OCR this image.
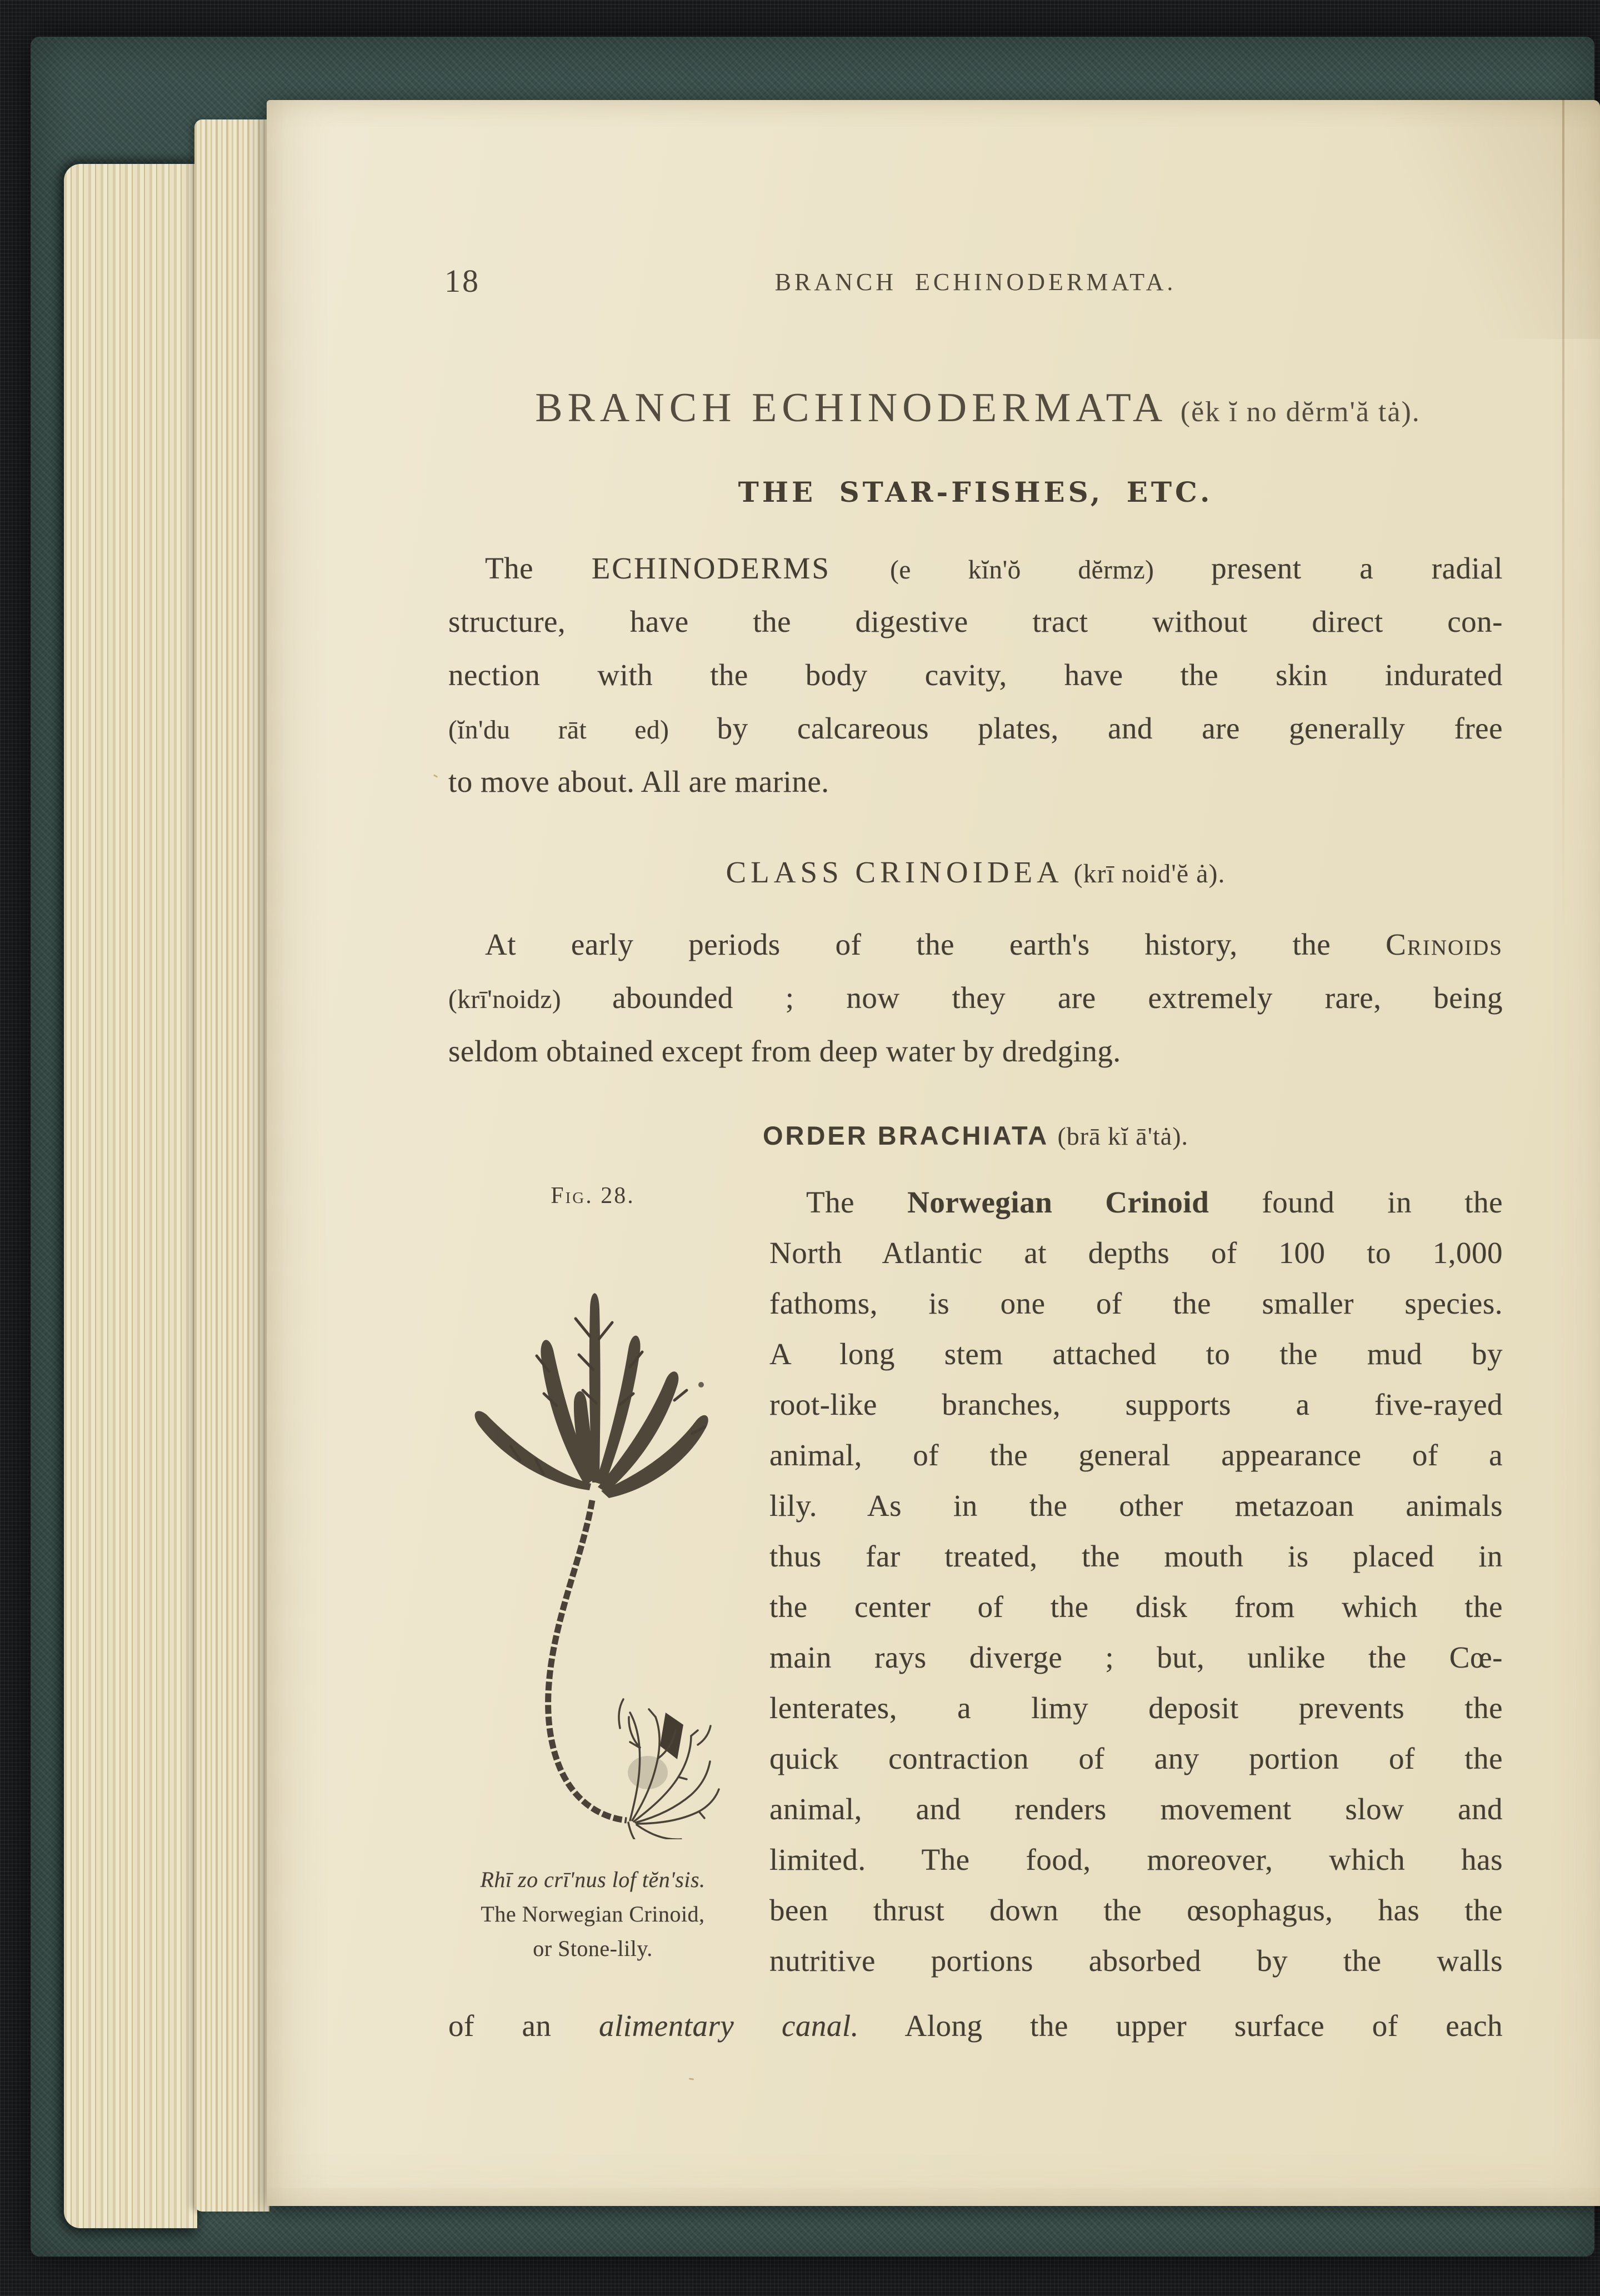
18	BRANCH ECHINODERMATA.
BRANCH ECHINODERMATA (ĕk ĭ no dĕrm'ă tȧ).
THE STAR-FISHES, ETC.
The ECHINODERMS (e kĭn'ŏ dĕrmz) present a radial
structure, have the digestive tract without direct con-
nection with the body cavity, have the skin indurated
(ĭn'du rāt ed) by calcareous plates, and are generally free
to move about. All are marine.
CLASS CRINOIDEA (krī noid'ĕ ȧ).
At early periods of the earth's history, the Crinoids
(krī'noidz) abounded ; now they are extremely rare, being
seldom obtained except from deep water by dredging.
ORDER BRACHIATA (brā kĭ ā'tȧ).
Fig. 28.	The Norwegian Crinoid found in the
North Atlantic at depths of 100 to 1,000
fathoms, is one of the smaller species.
A long stem attached to the mud by
root-like branches, supports a five-rayed
animal, of the general appearance of a
lily. As in the other metazoan animals
thus far treated, the mouth is placed in
the center of the disk from which the
main rays diverge ; but, unlike the Cœ-
lenterates, a limy deposit prevents the
quick contraction of any portion of the
animal, and renders movement slow and
limited. The food, moreover, which has
been thrust down the œsophagus, has the
nutritive portions absorbed by the walls
Rhī zo crī'nus lof tĕn'sis.
The Norwegian Crinoid,
or Stone-lily.
of an alimentary canal. Along the upper surface of each
